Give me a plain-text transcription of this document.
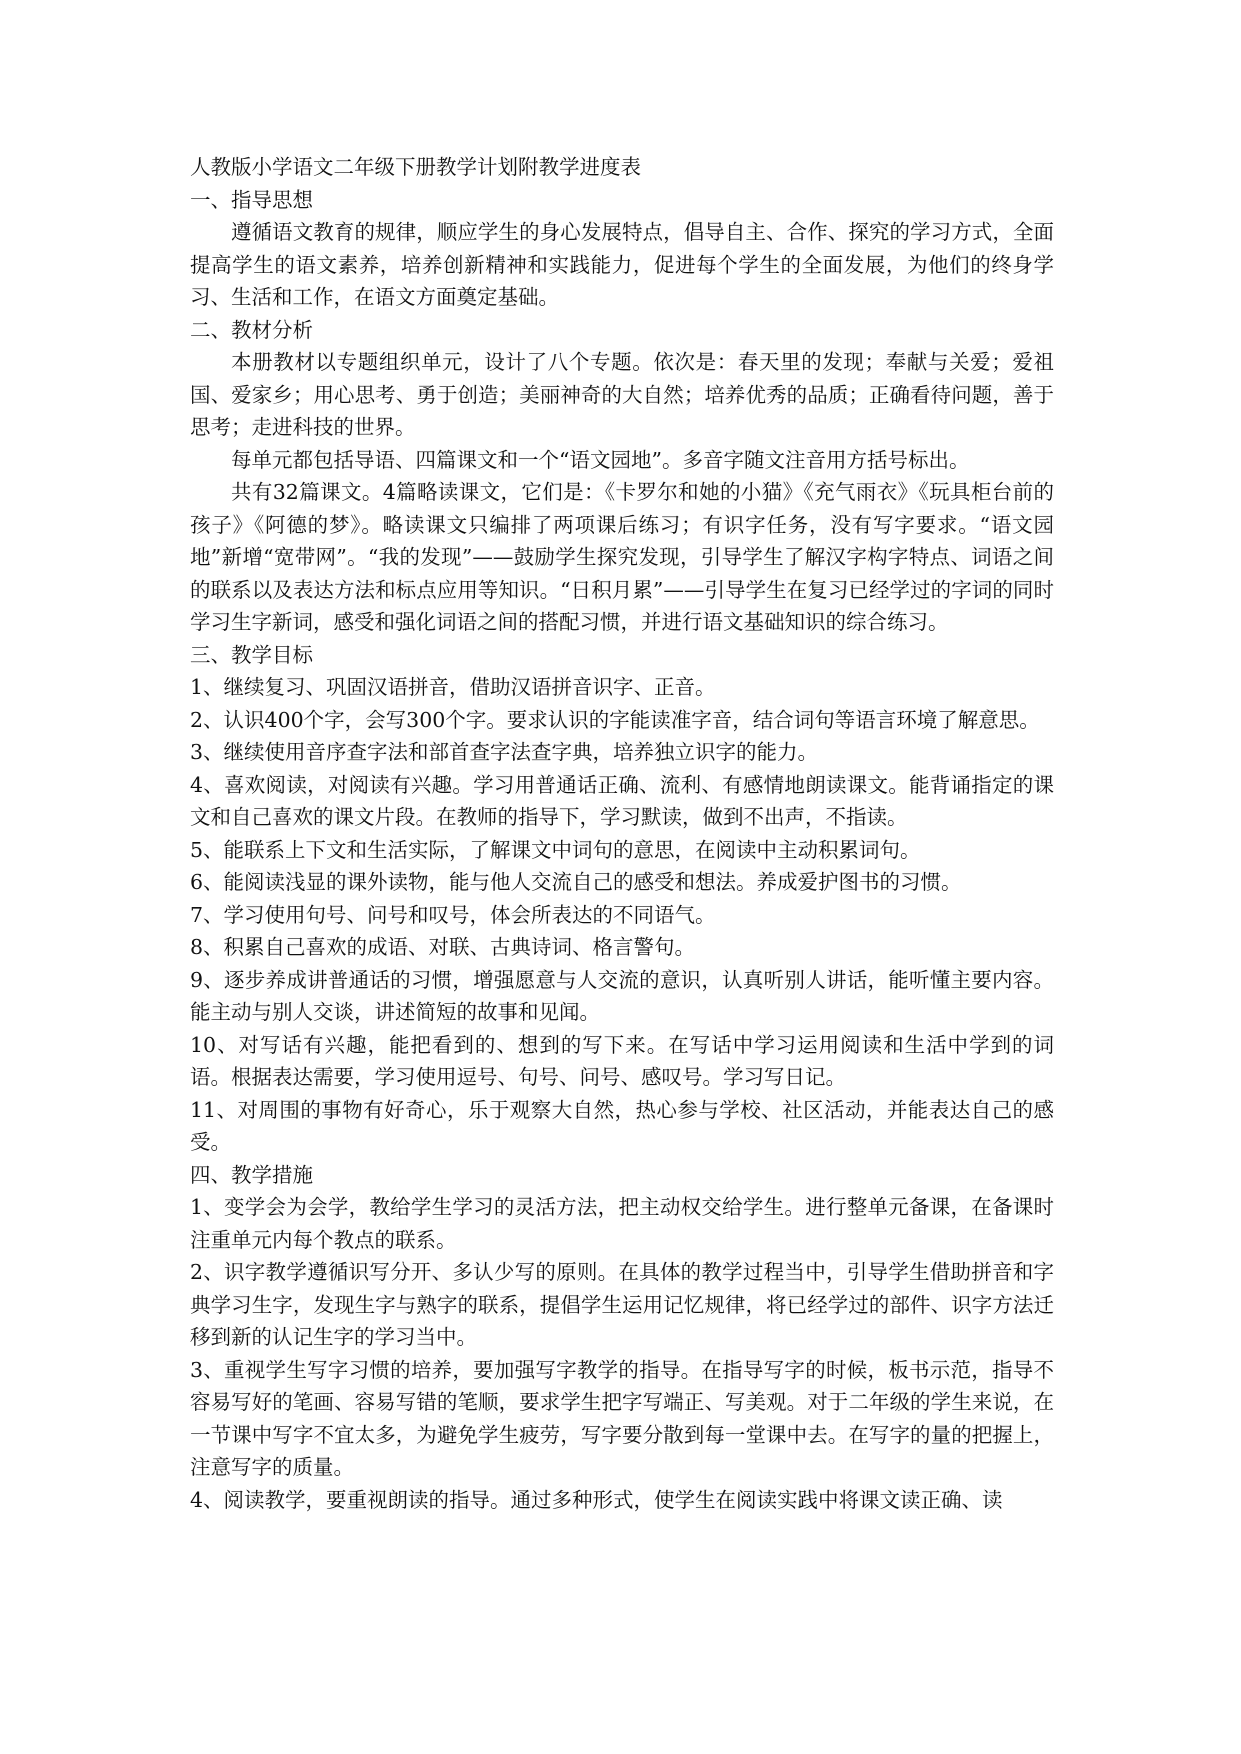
人教版小学语文二年级下册教学计划附教学进度表

一、指导思想

遵循语文教育的规律，顺应学生的身心发展特点，倡导自主、合作、探究的学习方式，全面提高学生的语文素养，培养创新精神和实践能力，促进每个学生的全面发展，为他们的终身学习、生活和工作，在语文方面奠定基础。

二、教材分析

本册教材以专题组织单元，设计了八个专题。依次是：春天里的发现；奉献与关爱；爱祖国、爱家乡；用心思考、勇于创造；美丽神奇的大自然；培养优秀的品质；正确看待问题，善于思考；走进科技的世界。

每单元都包括导语、四篇课文和一个“语文园地”。多音字随文注音用方括号标出。

共有32篇课文。4篇略读课文，它们是：《卡罗尔和她的小猫》《充气雨衣》《玩具柜台前的孩子》《阿德的梦》。略读课文只编排了两项课后练习；有识字任务，没有写字要求。“语文园地”新增“宽带网”。“我的发现”——鼓励学生探究发现，引导学生了解汉字构字特点、词语之间的联系以及表达方法和标点应用等知识。“日积月累”——引导学生在复习已经学过的字词的同时学习生字新词，感受和强化词语之间的搭配习惯，并进行语文基础知识的综合练习。

三、教学目标

1、继续复习、巩固汉语拼音，借助汉语拼音识字、正音。

2、认识400个字，会写300个字。要求认识的字能读准字音，结合词句等语言环境了解意思。

3、继续使用音序查字法和部首查字法查字典，培养独立识字的能力。

4、喜欢阅读，对阅读有兴趣。学习用普通话正确、流利、有感情地朗读课文。能背诵指定的课文和自己喜欢的课文片段。在教师的指导下，学习默读，做到不出声，不指读。

5、能联系上下文和生活实际，了解课文中词句的意思，在阅读中主动积累词句。

6、能阅读浅显的课外读物，能与他人交流自己的感受和想法。养成爱护图书的习惯。

7、学习使用句号、问号和叹号，体会所表达的不同语气。

8、积累自己喜欢的成语、对联、古典诗词、格言警句。

9、逐步养成讲普通话的习惯，增强愿意与人交流的意识，认真听别人讲话，能听懂主要内容。能主动与别人交谈，讲述简短的故事和见闻。

10、对写话有兴趣，能把看到的、想到的写下来。在写话中学习运用阅读和生活中学到的词语。根据表达需要，学习使用逗号、句号、问号、感叹号。学习写日记。

11、对周围的事物有好奇心，乐于观察大自然，热心参与学校、社区活动，并能表达自己的感受。

四、教学措施

1、变学会为会学，教给学生学习的灵活方法，把主动权交给学生。进行整单元备课，在备课时注重单元内每个教点的联系。

2、识字教学遵循识写分开、多认少写的原则。在具体的教学过程当中，引导学生借助拼音和字典学习生字，发现生字与熟字的联系，提倡学生运用记忆规律，将已经学过的部件、识字方法迁移到新的认记生字的学习当中。

3、重视学生写字习惯的培养，要加强写字教学的指导。在指导写字的时候，板书示范，指导不容易写好的笔画、容易写错的笔顺，要求学生把字写端正、写美观。对于二年级的学生来说，在一节课中写字不宜太多，为避免学生疲劳，写字要分散到每一堂课中去。在写字的量的把握上，注意写字的质量。

4、阅读教学，要重视朗读的指导。通过多种形式，使学生在阅读实践中将课文读正确、读
